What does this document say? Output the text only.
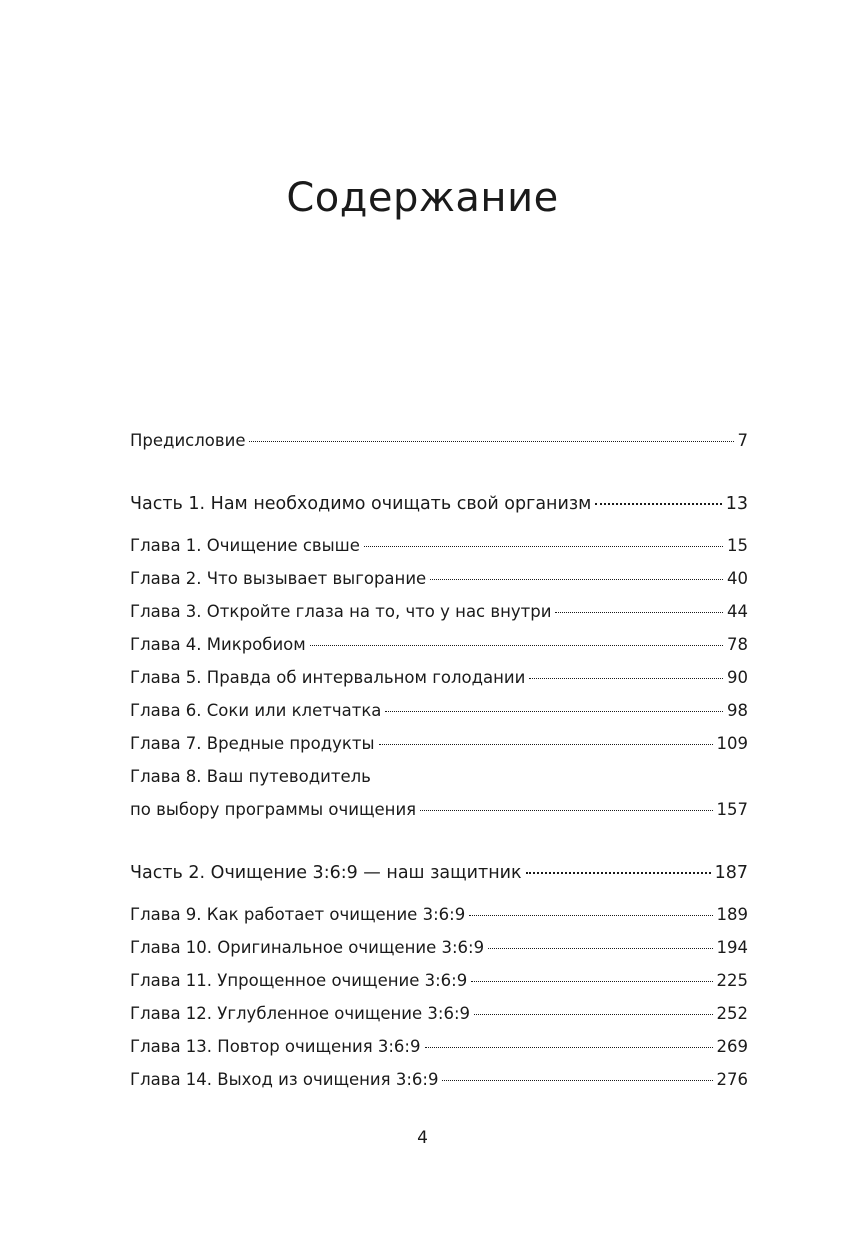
Содержание
Предисловие	7
Часть 1. Нам необходимо очищать свой организм	13
Глава 1. Очищение свыше	15
Глава 2. Что вызывает выгорание	40
Глава 3. Откройте глаза на то, что у нас внутри	44
Глава 4. Микробиом	78
Глава 5. Правда об интервальном голодании	90
Глава 6. Соки или клетчатка	98
Глава 7. Вредные продукты	109
Глава 8. Ваш путеводитель
по выбору программы очищения	157
Часть 2. Очищение 3:6:9 — наш защитник	187
Глава 9. Как работает очищение 3:6:9	189
Глава 10. Оригинальное очищение 3:6:9	194
Глава 11. Упрощенное очищение 3:6:9	225
Глава 12. Углубленное очищение 3:6:9	252
Глава 13. Повтор очищения 3:6:9	269
Глава 14. Выход из очищения 3:6:9	276
4
